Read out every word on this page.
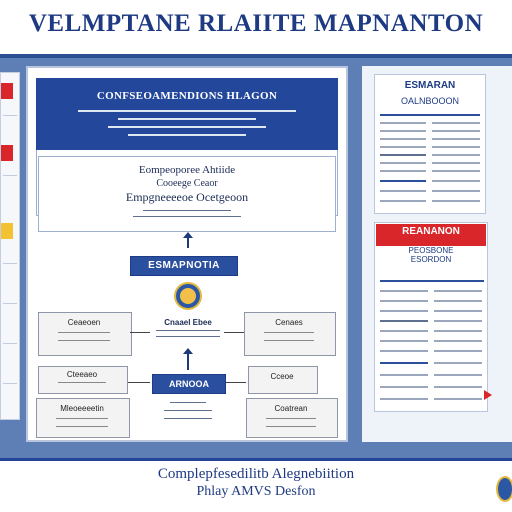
VELMPTANE RLAIITE MAPNANTON
CONFSEOAMENDIONS HLAGON
Eompeoporee Ahtiide
Cooeege Ceaor
Empgneeeeoe Ocetgeoon
ESMAPNOTIA
Cnaael Ebee
Ceaeoen
Cteeaeo
Mleoeeeetin
Cenaes
Cceoe
Coatrean
ARNOOA
ESMARAN
OALNBOOON
REANANON
PEOSBONE
ESORDON
Complepfesedilitb Alegnebiition
Phlay AMVS Desfon
